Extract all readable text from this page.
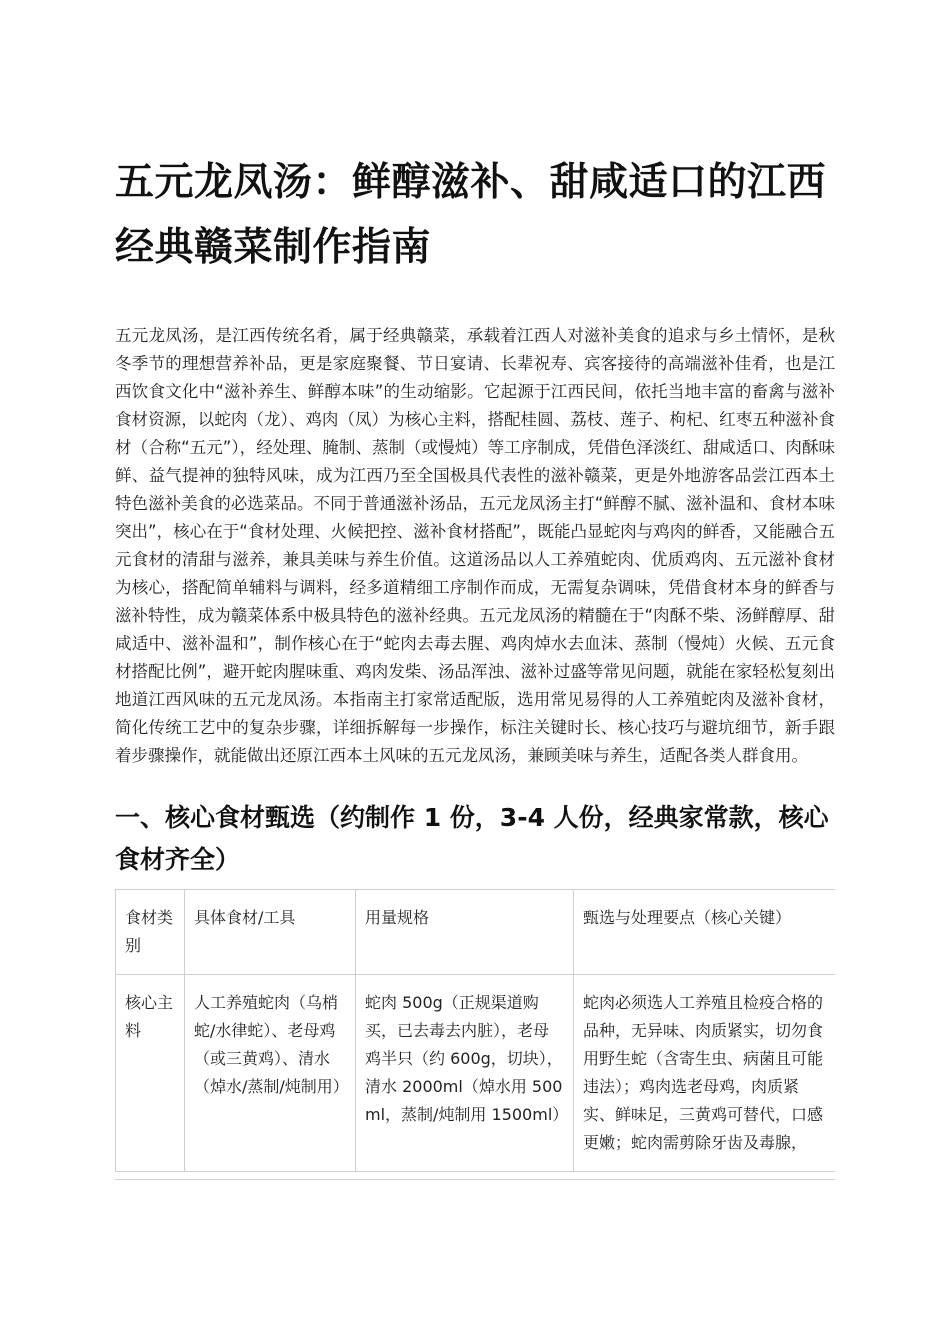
五元龙凤汤：鲜醇滋补、甜咸适口的江西经典赣菜制作指南

五元龙凤汤，是江西传统名肴，属于经典赣菜，承载着江西人对滋补美食的追求与乡土情怀，是秋冬季节的理想营养补品，更是家庭聚餐、节日宴请、长辈祝寿、宾客接待的高端滋补佳肴，也是江西饮食文化中“滋补养生、鲜醇本味”的生动缩影。它起源于江西民间，依托当地丰富的畜禽与滋补食材资源，以蛇肉（龙）、鸡肉（凤）为核心主料，搭配桂圆、荔枝、莲子、枸杞、红枣五种滋补食材（合称“五元”），经处理、腌制、蒸制（或慢炖）等工序制成，凭借色泽淡红、甜咸适口、肉酥味鲜、益气提神的独特风味，成为江西乃至全国极具代表性的滋补赣菜，更是外地游客品尝江西本土特色滋补美食的必选菜品。不同于普通滋补汤品，五元龙凤汤主打“鲜醇不腻、滋补温和、食材本味突出”，核心在于“食材处理、火候把控、滋补食材搭配”，既能凸显蛇肉与鸡肉的鲜香，又能融合五元食材的清甜与滋养，兼具美味与养生价值。这道汤品以人工养殖蛇肉、优质鸡肉、五元滋补食材为核心，搭配简单辅料与调料，经多道精细工序制作而成，无需复杂调味，凭借食材本身的鲜香与滋补特性，成为赣菜体系中极具特色的滋补经典。五元龙凤汤的精髓在于“肉酥不柴、汤鲜醇厚、甜咸适中、滋补温和”，制作核心在于“蛇肉去毒去腥、鸡肉焯水去血沫、蒸制（慢炖）火候、五元食材搭配比例”，避开蛇肉腥味重、鸡肉发柴、汤品浑浊、滋补过盛等常见问题，就能在家轻松复刻出地道江西风味的五元龙凤汤。本指南主打家常适配版，选用常见易得的人工养殖蛇肉及滋补食材，简化传统工艺中的复杂步骤，详细拆解每一步操作，标注关键时长、核心技巧与避坑细节，新手跟着步骤操作，就能做出还原江西本土风味的五元龙凤汤，兼顾美味与养生，适配各类人群食用。

一、核心食材甄选（约制作 1 份，3-4 人份，经典家常款，核心食材齐全）
食材类别	具体食材/工具	用量规格	甄选与处理要点（核心关键）
核心主料	人工养殖蛇肉（乌梢蛇/水律蛇）、老母鸡（或三黄鸡）、清水（焯水/蒸制/炖制用）	蛇肉 500g（正规渠道购买，已去毒去内脏），老母鸡半只（约 600g，切块），清水 2000ml（焯水用 500ml，蒸制/炖制用 1500ml）	蛇肉必须选人工养殖且检疫合格的品种，无异味、肉质紧实，切勿食用野生蛇（含寄生虫、病菌且可能违法）；鸡肉选老母鸡，肉质紧实、鲜味足，三黄鸡可替代，口感更嫩；蛇肉需剪除牙齿及毒腺，
